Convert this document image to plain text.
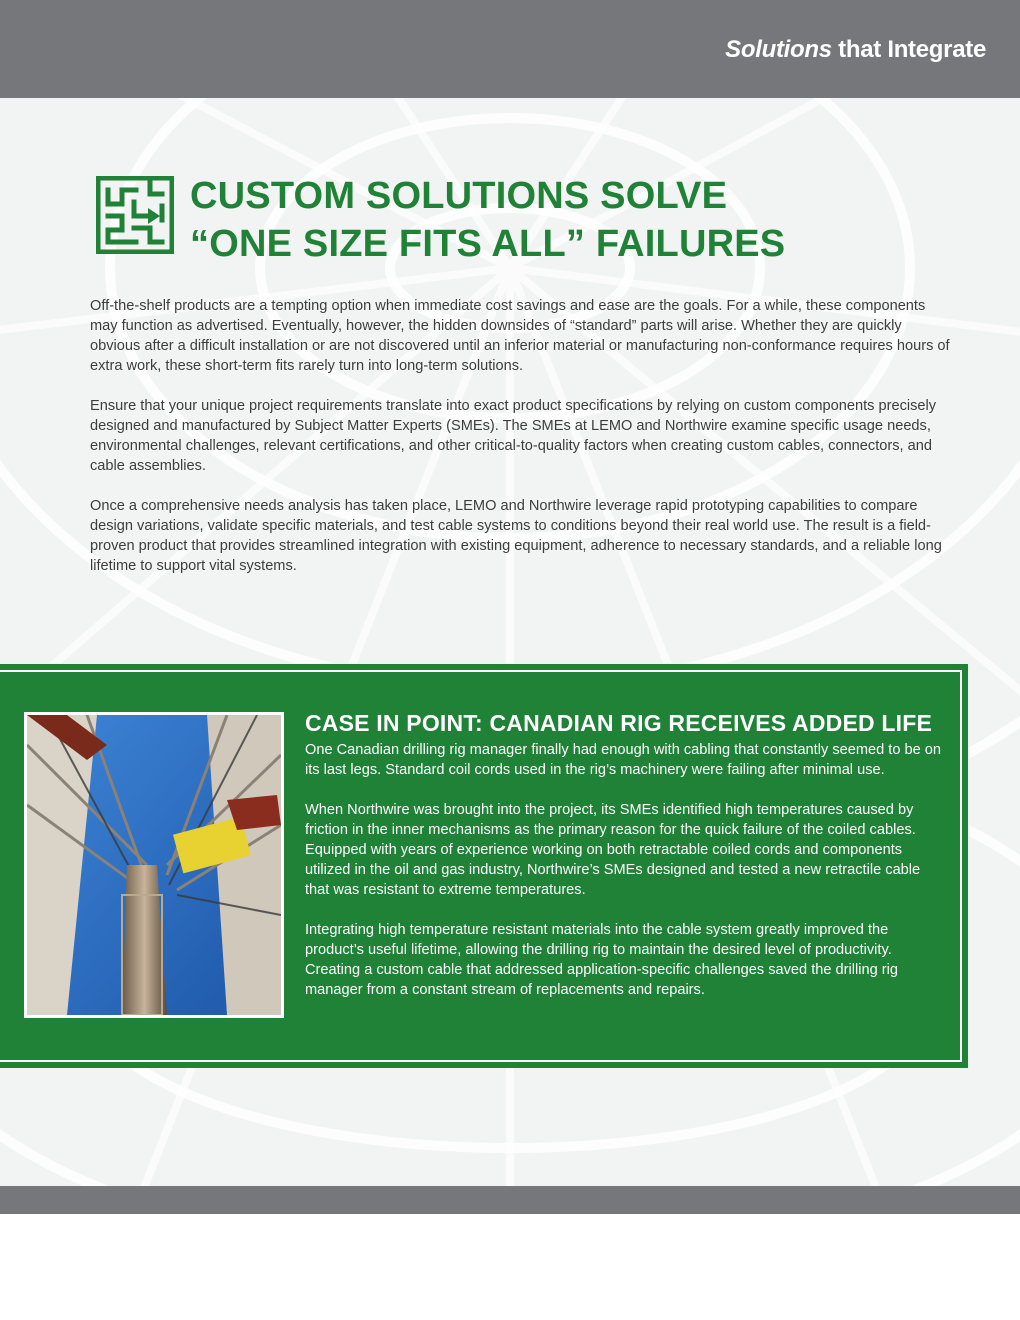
Solutions that Integrate
CUSTOM SOLUTIONS SOLVE
“ONE SIZE FITS ALL” FAILURES

Off-the-shelf products are a tempting option when immediate cost savings and ease are the goals. For a while, these components may function as advertised. Eventually, however, the hidden downsides of “standard” parts will arise. Whether they are quickly obvious after a difficult installation or are not discovered until an inferior material or manufacturing non-conformance requires hours of extra work, these short-term fits rarely turn into long-term solutions.

Ensure that your unique project requirements translate into exact product specifications by relying on custom components precisely designed and manufactured by Subject Matter Experts (SMEs). The SMEs at LEMO and Northwire examine specific usage needs, environmental challenges, relevant certifications, and other critical-to-quality factors when creating custom cables, connectors, and cable assemblies.

Once a comprehensive needs analysis has taken place, LEMO and Northwire leverage rapid prototyping capabilities to compare design variations, validate specific materials, and test cable systems to conditions beyond their real world use. The result is a field-proven product that provides streamlined integration with existing equipment, adherence to necessary standards, and a reliable long lifetime to support vital systems.

CASE IN POINT: CANADIAN RIG RECEIVES ADDED LIFE

One Canadian drilling rig manager finally had enough with cabling that constantly seemed to be on its last legs. Standard coil cords used in the rig’s machinery were failing after minimal use.

When Northwire was brought into the project, its SMEs identified high temperatures caused by friction in the inner mechanisms as the primary reason for the quick failure of the coiled cables. Equipped with years of experience working on both retractable coiled cords and components utilized in the oil and gas industry, Northwire’s SMEs designed and tested a new retractile cable that was resistant to extreme temperatures.

Integrating high temperature resistant materials into the cable system greatly improved the product’s useful lifetime, allowing the drilling rig to maintain the desired level of productivity. Creating a custom cable that addressed application-specific challenges saved the drilling rig manager from a constant stream of replacements and repairs.
